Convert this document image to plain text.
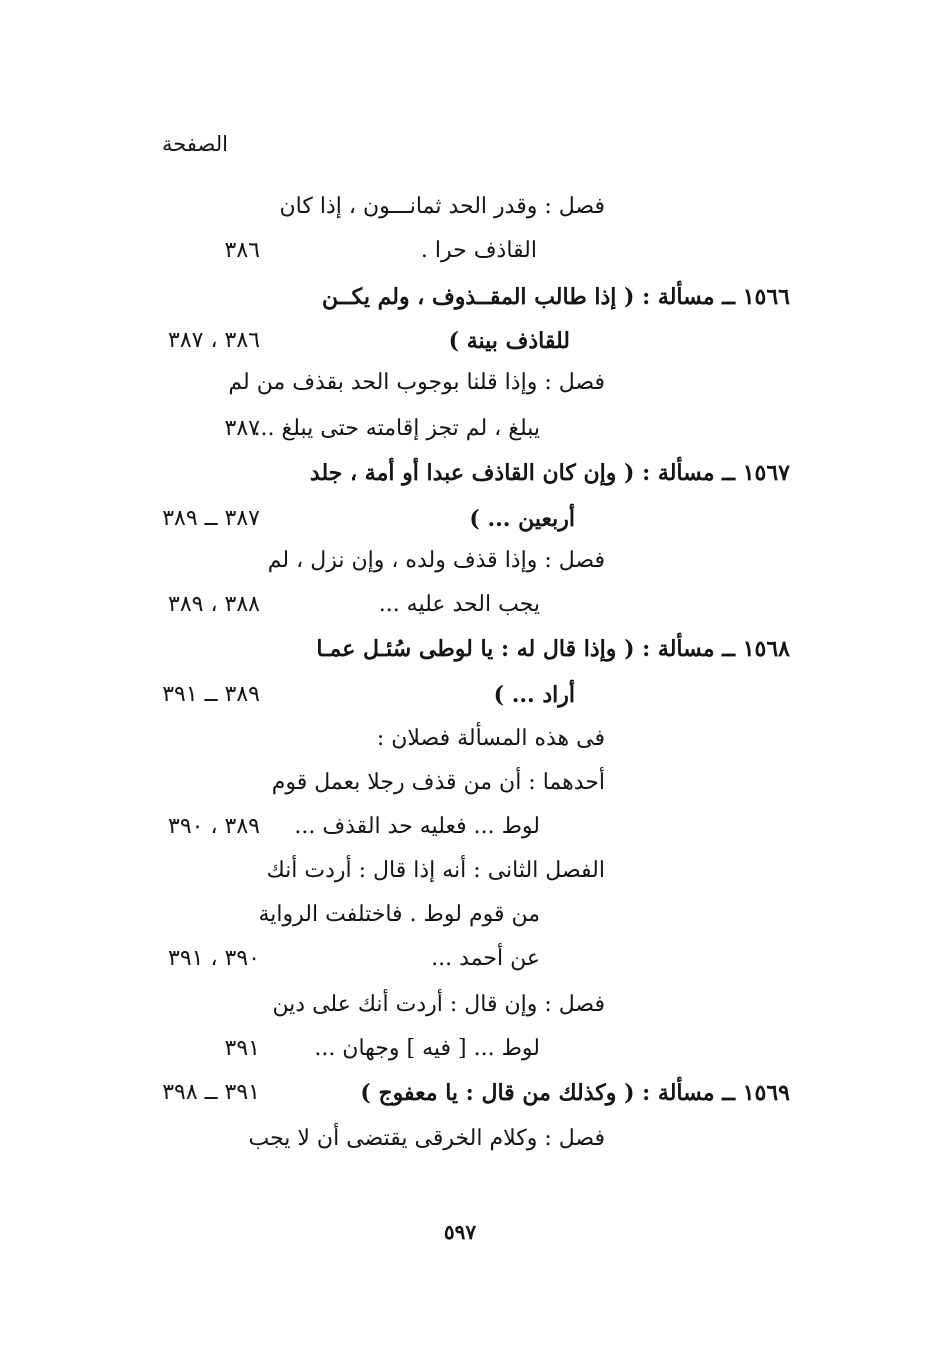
الصفحة
فصل : وقدر الحد ثمانـــون ، إذا كان
القاذف حرا .
٣٨٦
١٥٦٦ ــ مسألة : ( إذا طالب المقــذوف ، ولم يكــن
للقاذف بينة )
٣٨٦ ، ٣٨٧
فصل : وإذا قلنا بوجوب الحد بقذف من لم
يبلغ ، لم تجز إقامته حتى يبلغ ...
٣٨٧
١٥٦٧ ــ مسألة : ( وإن كان القاذف عبدا أو أمة ، جلد
أربعين ... )
٣٨٧ ــ ٣٨٩
فصل : وإذا قذف ولده ، وإن نزل ، لم
يجب الحد عليه ...
٣٨٨ ، ٣٨٩
١٥٦٨ ــ مسألة : ( وإذا قال له : يا لوطى سُئـل عمـا
أراد ... )
٣٨٩ ــ ٣٩١
فى هذه المسألة فصلان :
أحدهما : أن من قذف رجلا بعمل قوم
لوط ... فعليه حد القذف ...
٣٨٩ ، ٣٩٠
الفصل الثانى : أنه إذا قال : أردت أنك
من قوم لوط . فاختلفت الرواية
عن أحمد ...
٣٩٠ ، ٣٩١
فصل : وإن قال : أردت أنك على دين
لوط ... [ فيه ] وجهان ...
٣٩١
١٥٦٩ ــ مسألة : ( وكذلك من قال : يا معفوج )
٣٩١ ــ ٣٩٨
فصل : وكلام الخرقى يقتضى أن لا يجب
٥٩٧
